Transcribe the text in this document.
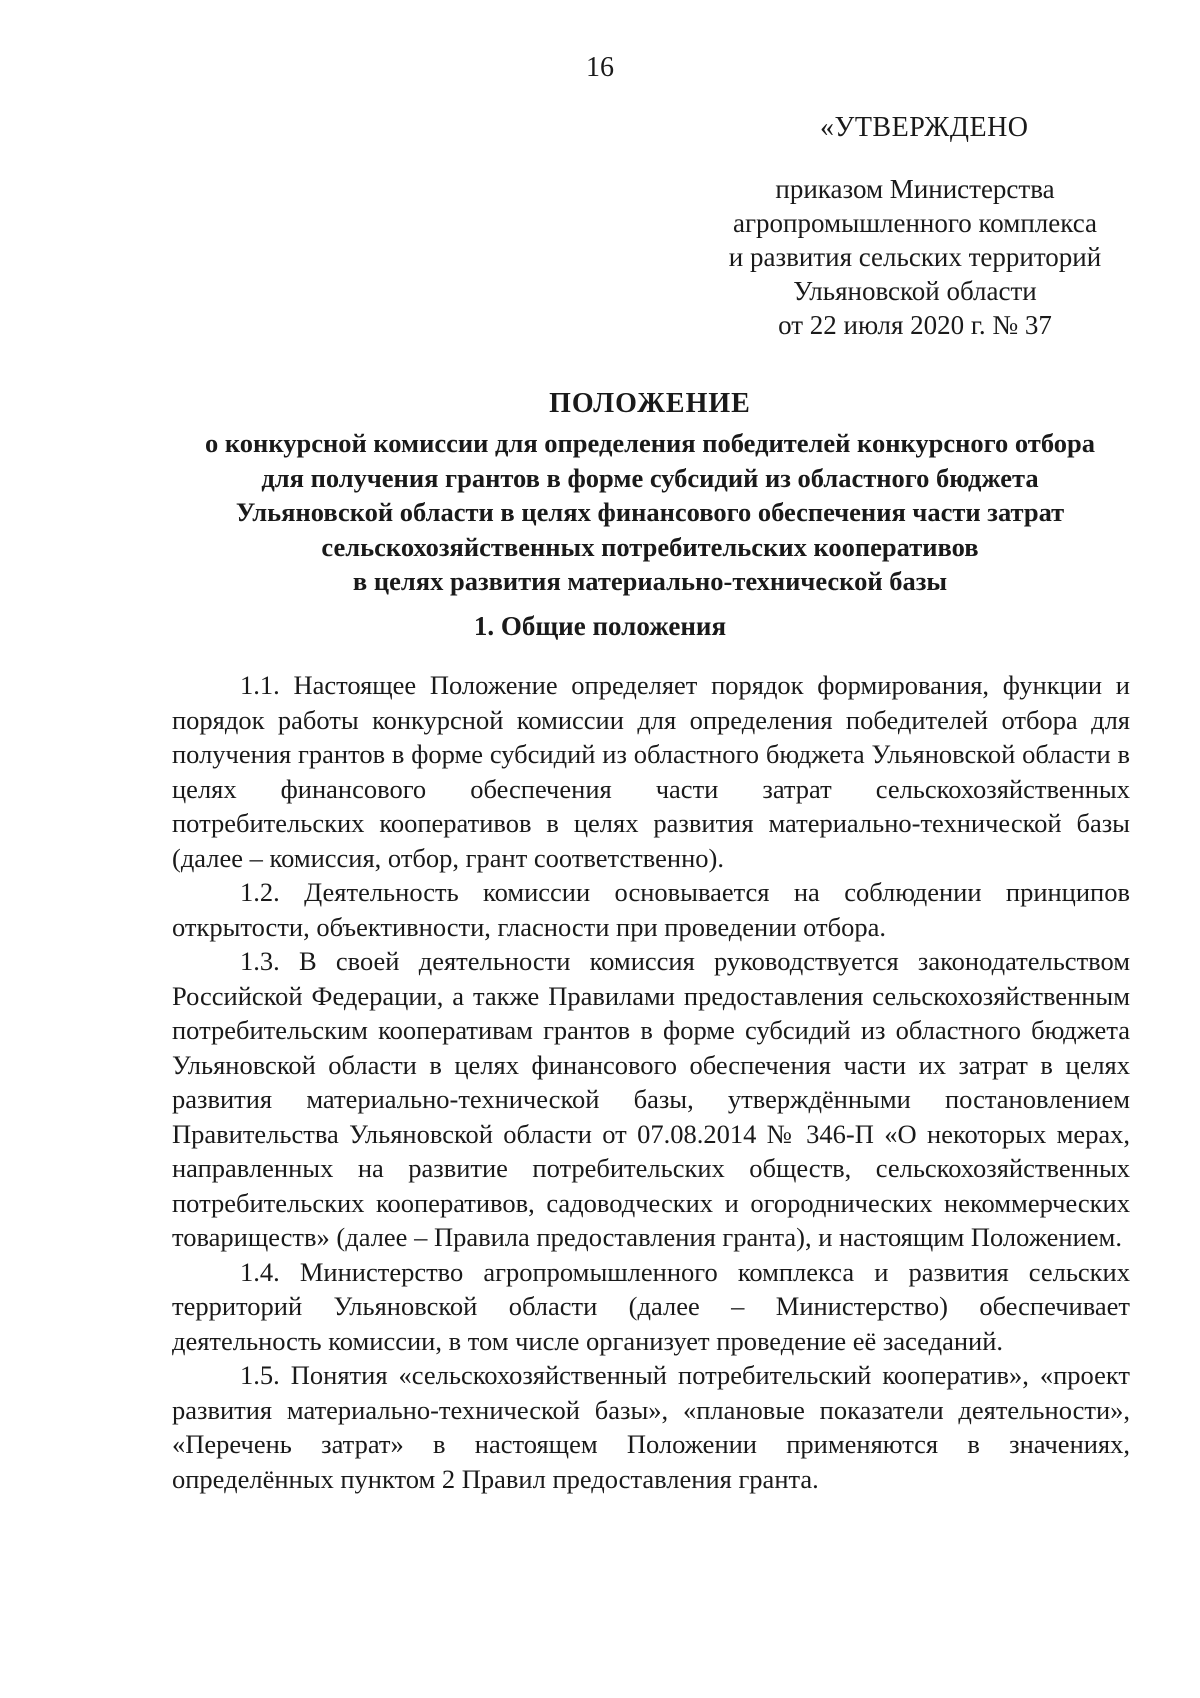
16
«УТВЕРЖДЕНО
приказом Министерства
агропромышленного комплекса
и развития сельских территорий
Ульяновской области
от 22 июля 2020 г. № 37
ПОЛОЖЕНИЕ
о конкурсной комиссии для определения победителей конкурсного отбора
для получения грантов в форме субсидий из областного бюджета
Ульяновской области в целях финансового обеспечения части затрат
сельскохозяйственных потребительских кооперативов
в целях развития материально-технической базы
1. Общие положения

1.1. Настоящее Положение определяет порядок формирования, функции и порядок работы конкурсной комиссии для определения победителей отбора для получения грантов в форме субсидий из областного бюджета Ульяновской области в целях финансового обеспечения части затрат сельскохозяйственных потребительских кооперативов в целях развития материально-технической базы (далее – комиссия, отбор, грант соответственно).

1.2. Деятельность комиссии основывается на соблюдении принципов открытости, объективности, гласности при проведении отбора.

1.3. В своей деятельности комиссия руководствуется законодательством Российской Федерации, а также Правилами предоставления сельскохозяйственным потребительским кооперативам грантов в форме субсидий из областного бюджета Ульяновской области в целях финансового обеспечения части их затрат в целях развития материально-технической базы, утверждёнными постановлением Правительства Ульяновской области от 07.08.2014 № 346-П «О некоторых мерах, направленных на развитие потребительских обществ, сельскохозяйственных потребительских кооперативов, садоводческих и огороднических некоммерческих товариществ» (далее – Правила предоставления гранта), и настоящим Положением.

1.4. Министерство агропромышленного комплекса и развития сельских территорий Ульяновской области (далее – Министерство) обеспечивает деятельность комиссии, в том числе организует проведение её заседаний.

1.5. Понятия «сельскохозяйственный потребительский кооператив», «проект развития материально-технической базы», «плановые показатели деятельности», «Перечень затрат» в настоящем Положении применяются в значениях, определённых пунктом 2 Правил предоставления гранта.
